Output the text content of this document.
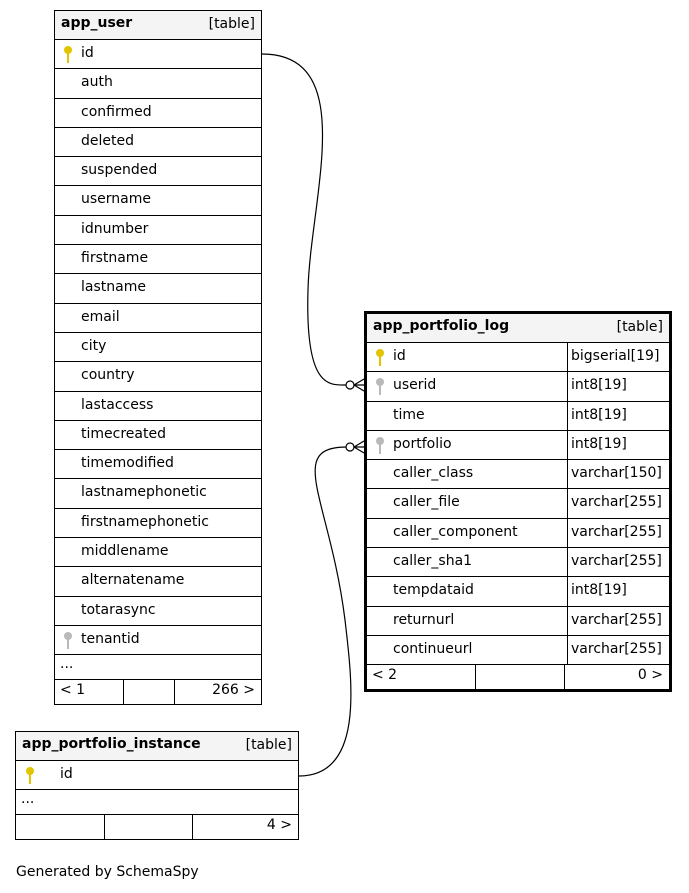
app_user	[table]
id
auth
confirmed
deleted
suspended
username
idnumber
firstname
lastname
email
city
country
lastaccess
timecreated
timemodified
lastnamephonetic
firstnamephonetic
middlename
alternatename
totarasync
tenantid
...
< 1	266 >
app_portfolio_log	[table]
id	bigserial[19]
userid	int8[19]
time	int8[19]
portfolio	int8[19]
caller_class	varchar[150]
caller_file	varchar[255]
caller_component	varchar[255]
caller_sha1	varchar[255]
tempdataid	int8[19]
returnurl	varchar[255]
continueurl	varchar[255]
< 2	0 >
app_portfolio_instance	[table]
id
...
4 >
Generated by SchemaSpy
